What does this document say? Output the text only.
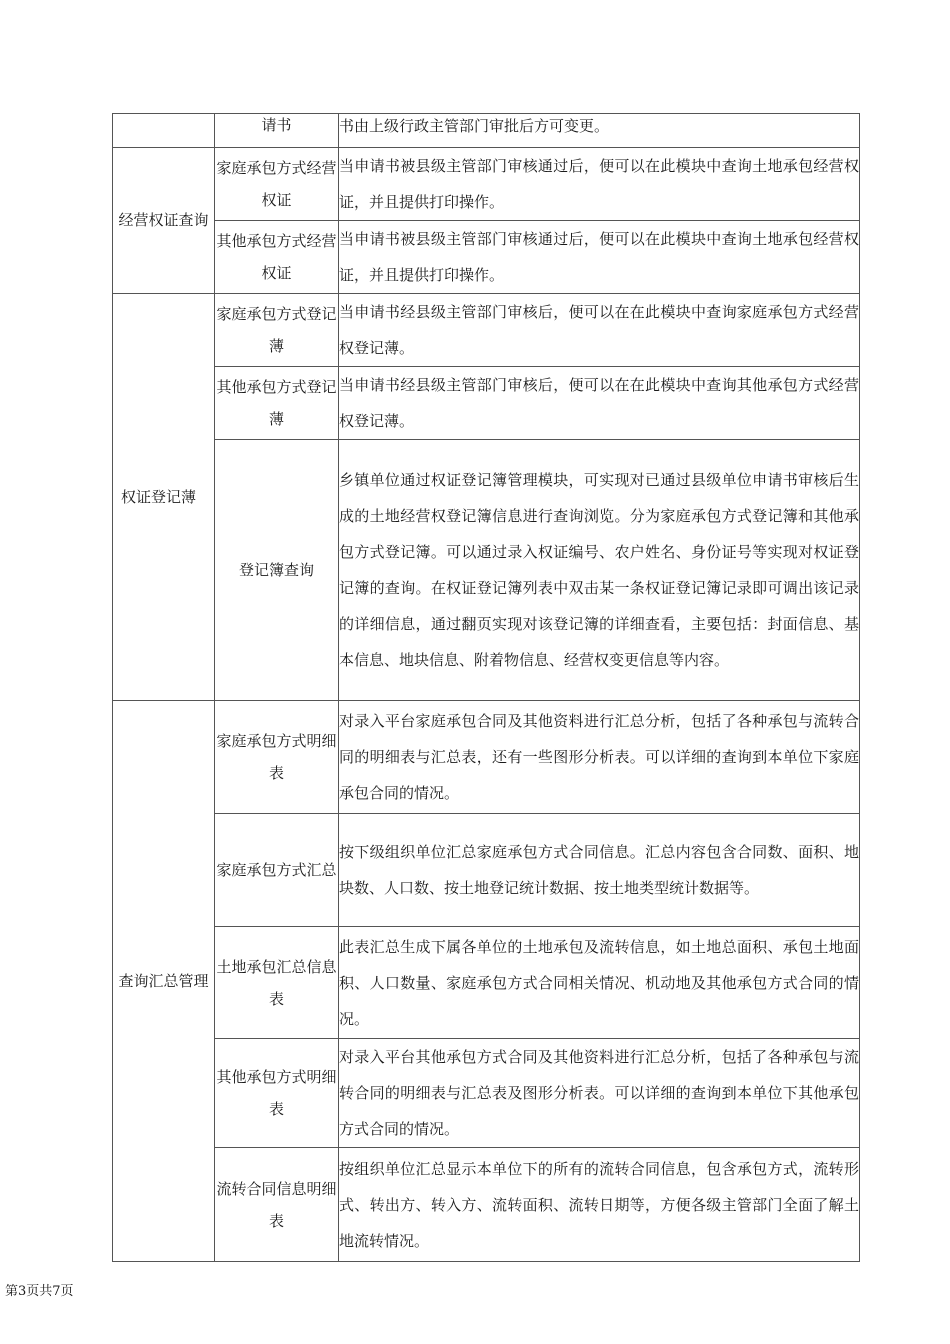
	请书	书由上级行政主管部门审批后方可变更。
经营权证查询	家庭承包方式经营权证	当申请书被县级主管部门审核通过后，便可以在此模块中查询土地承包经营权证，并且提供打印操作。
	其他承包方式经营权证	当申请书被县级主管部门审核通过后，便可以在此模块中查询土地承包经营权证，并且提供打印操作。
权证登记薄	家庭承包方式登记薄	当申请书经县级主管部门审核后，便可以在在此模块中查询家庭承包方式经营权登记薄。
	其他承包方式登记薄	当申请书经县级主管部门审核后，便可以在在此模块中查询其他承包方式经营权登记薄。
	登记簿查询	乡镇单位通过权证登记簿管理模块，可实现对已通过县级单位申请书审核后生成的土地经营权登记簿信息进行查询浏览。分为家庭承包方式登记簿和其他承包方式登记簿。可以通过录入权证编号、农户姓名、身份证号等实现对权证登记簿的查询。在权证登记簿列表中双击某一条权证登记簿记录即可调出该记录的详细信息，通过翻页实现对该登记簿的详细查看，主要包括：封面信息、基本信息、地块信息、附着物信息、经营权变更信息等内容。
查询汇总管理	家庭承包方式明细表	对录入平台家庭承包合同及其他资料进行汇总分析，包括了各种承包与流转合同的明细表与汇总表，还有一些图形分析表。可以详细的查询到本单位下家庭承包合同的情况。
	家庭承包方式汇总	按下级组织单位汇总家庭承包方式合同信息。汇总内容包含合同数、面积、地块数、人口数、按土地登记统计数据、按土地类型统计数据等。
	土地承包汇总信息表	此表汇总生成下属各单位的土地承包及流转信息，如土地总面积、承包土地面积、人口数量、家庭承包方式合同相关情况、机动地及其他承包方式合同的情况。
	其他承包方式明细表	对录入平台其他承包方式合同及其他资料进行汇总分析，包括了各种承包与流转合同的明细表与汇总表及图形分析表。可以详细的查询到本单位下其他承包方式合同的情况。
	流转合同信息明细表	按组织单位汇总显示本单位下的所有的流转合同信息，包含承包方式，流转形式、转出方、转入方、流转面积、流转日期等，方便各级主管部门全面了解土地流转情况。
第3页共7页
